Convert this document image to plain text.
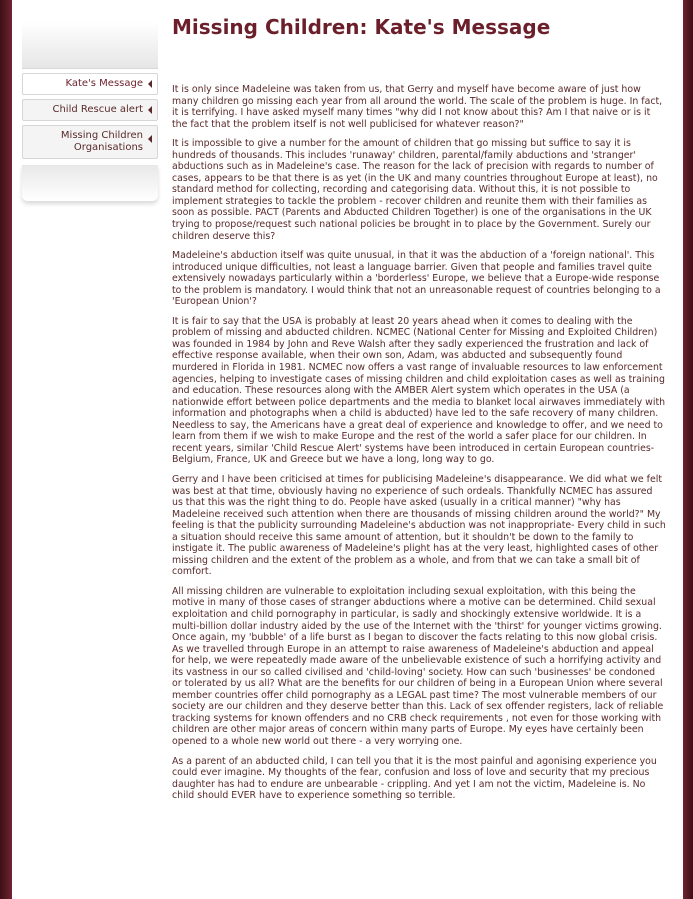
Kate's Message
Child Rescue alert
Missing Children Organisations
Missing Children: Kate's Message

It is only since Madeleine was taken from us, that Gerry and myself have become aware of just how many children go missing each year from all around the world. The scale of the problem is huge. In fact, it is terrifying. I have asked myself many times "why did I not know about this? Am I that naive or is it the fact that the problem itself is not well publicised for whatever reason?"

It is impossible to give a number for the amount of children that go missing but suffice to say it is hundreds of thousands. This includes 'runaway' children, parental/family abductions and 'stranger' abductions such as in Madeleine's case. The reason for the lack of precision with regards to number of cases, appears to be that there is as yet (in the UK and many countries throughout Europe at least), no standard method for collecting, recording and categorising data. Without this, it is not possible to implement strategies to tackle the problem - recover children and reunite them with their families as soon as possible. PACT (Parents and Abducted Children Together) is one of the organisations in the UK trying to propose/request such national policies be brought in to place by the Government. Surely our children deserve this?

Madeleine's abduction itself was quite unusual, in that it was the abduction of a 'foreign national'. This introduced unique difficulties, not least a language barrier. Given that people and families travel quite extensively nowadays particularly within a 'borderless' Europe, we believe that a Europe-wide response to the problem is mandatory. I would think that not an unreasonable request of countries belonging to a 'European Union'?

It is fair to say that the USA is probably at least 20 years ahead when it comes to dealing with the problem of missing and abducted children. NCMEC (National Center for Missing and Exploited Children) was founded in 1984 by John and Reve Walsh after they sadly experienced the frustration and lack of effective response available, when their own son, Adam, was abducted and subsequently found murdered in Florida in 1981. NCMEC now offers a vast range of invaluable resources to law enforcement agencies, helping to investigate cases of missing children and child exploitation cases as well as training and education. These resources along with the AMBER Alert system which operates in the USA (a nationwide effort between police departments and the media to blanket local airwaves immediately with information and photographs when a child is abducted) have led to the safe recovery of many children. Needless to say, the Americans have a great deal of experience and knowledge to offer, and we need to learn from them if we wish to make Europe and the rest of the world a safer place for our children. In recent years, similar 'Child Rescue Alert' systems have been introduced in certain European countries- Belgium, France, UK and Greece but we have a long, long way to go.

Gerry and I have been criticised at times for publicising Madeleine's disappearance. We did what we felt was best at that time, obviously having no experience of such ordeals. Thankfully NCMEC has assured us that this was the right thing to do. People have asked (usually in a critical manner) "why has Madeleine received such attention when there are thousands of missing children around the world?" My feeling is that the publicity surrounding Madeleine's abduction was not inappropriate- Every child in such a situation should receive this same amount of attention, but it shouldn't be down to the family to instigate it. The public awareness of Madeleine's plight has at the very least, highlighted cases of other missing children and the extent of the problem as a whole, and from that we can take a small bit of comfort.

All missing children are vulnerable to exploitation including sexual exploitation, with this being the motive in many of those cases of stranger abductions where a motive can be determined. Child sexual exploitation and child pornography in particular, is sadly and shockingly extensive worldwide. It is a multi-billion dollar industry aided by the use of the Internet with the 'thirst' for younger victims growing. Once again, my 'bubble' of a life burst as I began to discover the facts relating to this now global crisis. As we travelled through Europe in an attempt to raise awareness of Madeleine's abduction and appeal for help, we were repeatedly made aware of the unbelievable existence of such a horrifying activity and its vastness in our so called civilised and 'child-loving' society. How can such 'businesses' be condoned or tolerated by us all? What are the benefits for our children of being in a European Union where several member countries offer child pornography as a LEGAL past time? The most vulnerable members of our society are our children and they deserve better than this. Lack of sex offender registers, lack of reliable tracking systems for known offenders and no CRB check requirements , not even for those working with children are other major areas of concern within many parts of Europe. My eyes have certainly been opened to a whole new world out there - a very worrying one.

As a parent of an abducted child, I can tell you that it is the most painful and agonising experience you could ever imagine. My thoughts of the fear, confusion and loss of love and security that my precious daughter has had to endure are unbearable - crippling. And yet I am not the victim, Madeleine is. No child should EVER have to experience something so terrible.
